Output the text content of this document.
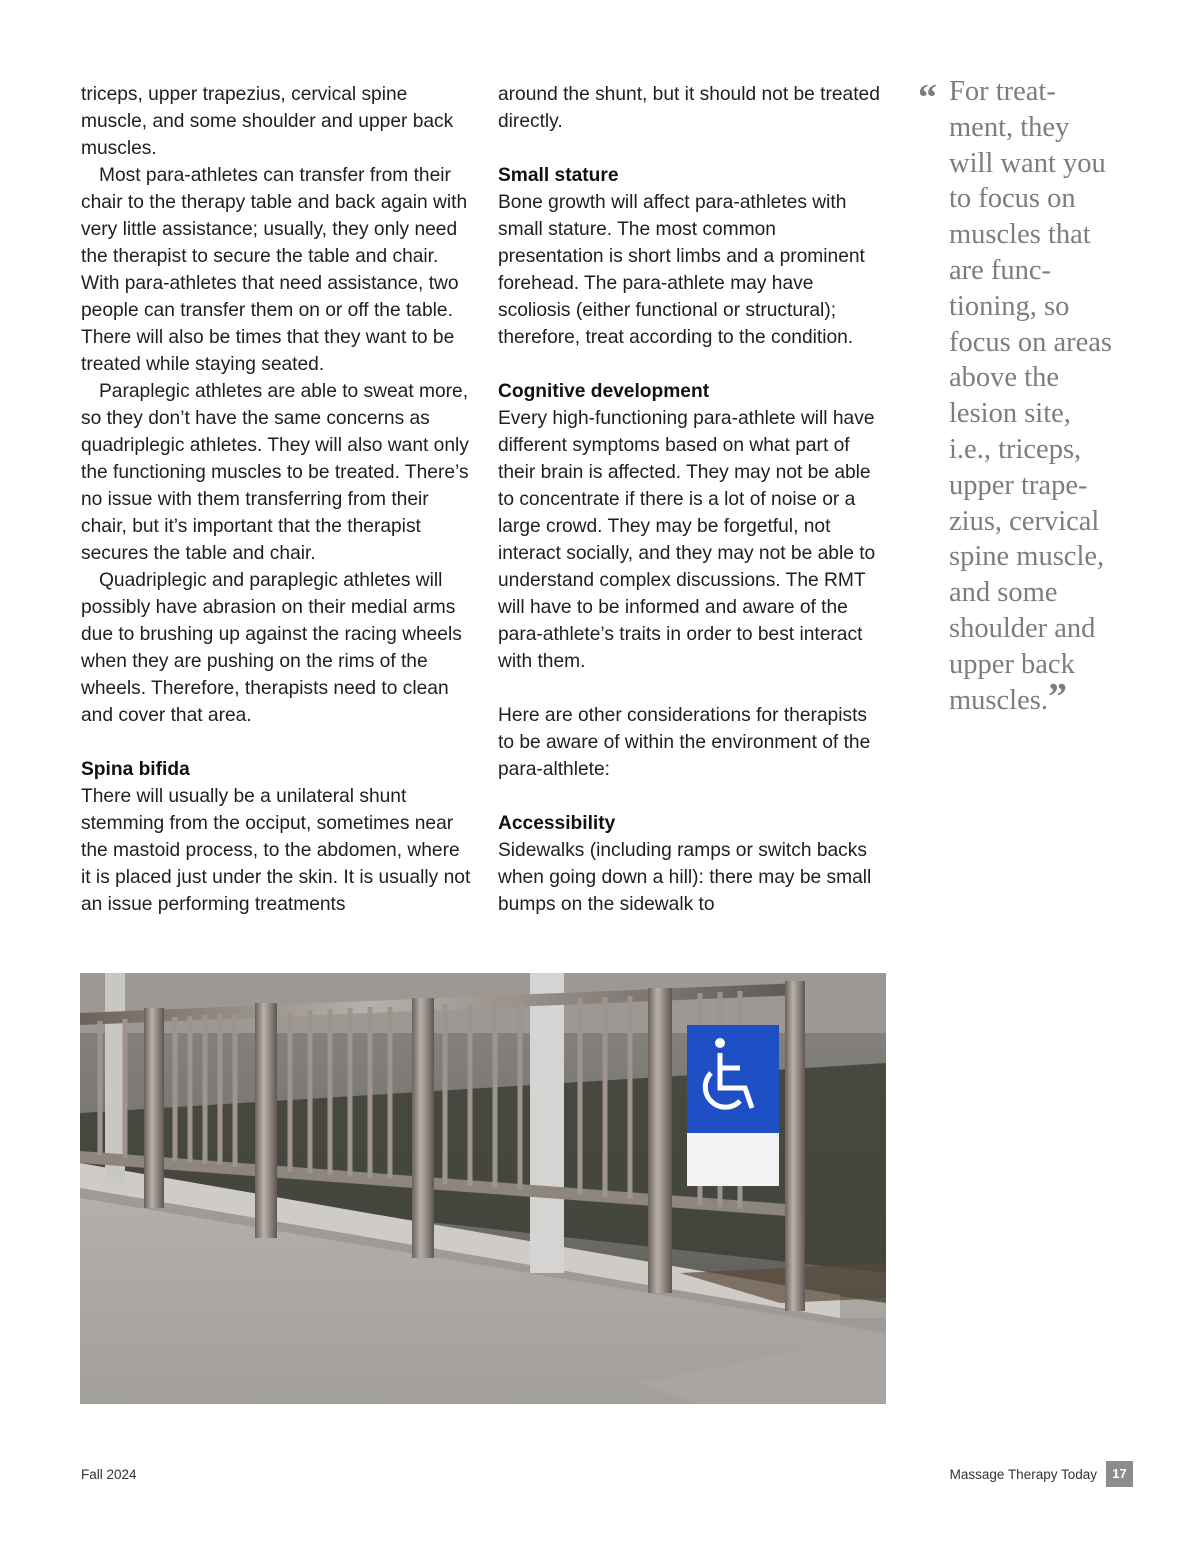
triceps, upper trapezius, cervical spine muscle, and some shoulder and upper back muscles.

Most para-athletes can transfer from their chair to the therapy table and back again with very little assistance; usually, they only need the therapist to secure the table and chair. With para-athletes that need assistance, two people can transfer them on or off the table. There will also be times that they want to be treated while staying seated.

Paraplegic athletes are able to sweat more, so they don’t have the same concerns as quadriplegic athletes. They will also want only the functioning muscles to be treated. There’s no issue with them transferring from their chair, but it’s important that the therapist secures the table and chair.

Quadriplegic and paraplegic athletes will possibly have abrasion on their medial arms due to brushing up against the racing wheels when they are pushing on the rims of the wheels. Therefore, therapists need to clean and cover that area.

Spina bifida

There will usually be a unilateral shunt stemming from the occiput, sometimes near the mastoid process, to the abdomen, where it is placed just under the skin. It is usually not an issue performing treatments

around the shunt, but it should not be treated directly.

Small stature

Bone growth will affect para-athletes with small stature. The most common presentation is short limbs and a prominent forehead. The para-athlete may have scoliosis (either functional or structural); therefore, treat according to the condition.

Cognitive development

Every high-functioning para-athlete will have different symptoms based on what part of their brain is affected. They may not be able to concentrate if there is a lot of noise or a large crowd. They may be forgetful, not interact socially, and they may not be able to understand complex discussions. The RMT will have to be informed and aware of the para-athlete’s traits in order to best interact with them.

Here are other considerations for therapists to be aware of within the environment of the para-althlete:

Accessibility

Sidewalks (including ramps or switch backs when going down a hill): there may be small bumps on the sidewalk to

“ For treat-ment, they will want you to focus on muscles that are func-tioning, so focus on areas above the lesion site, i.e., triceps, upper trape-zius, cervical spine muscle, and some shoulder and upper back muscles.”
Fall 2024	Massage Therapy Today	17
